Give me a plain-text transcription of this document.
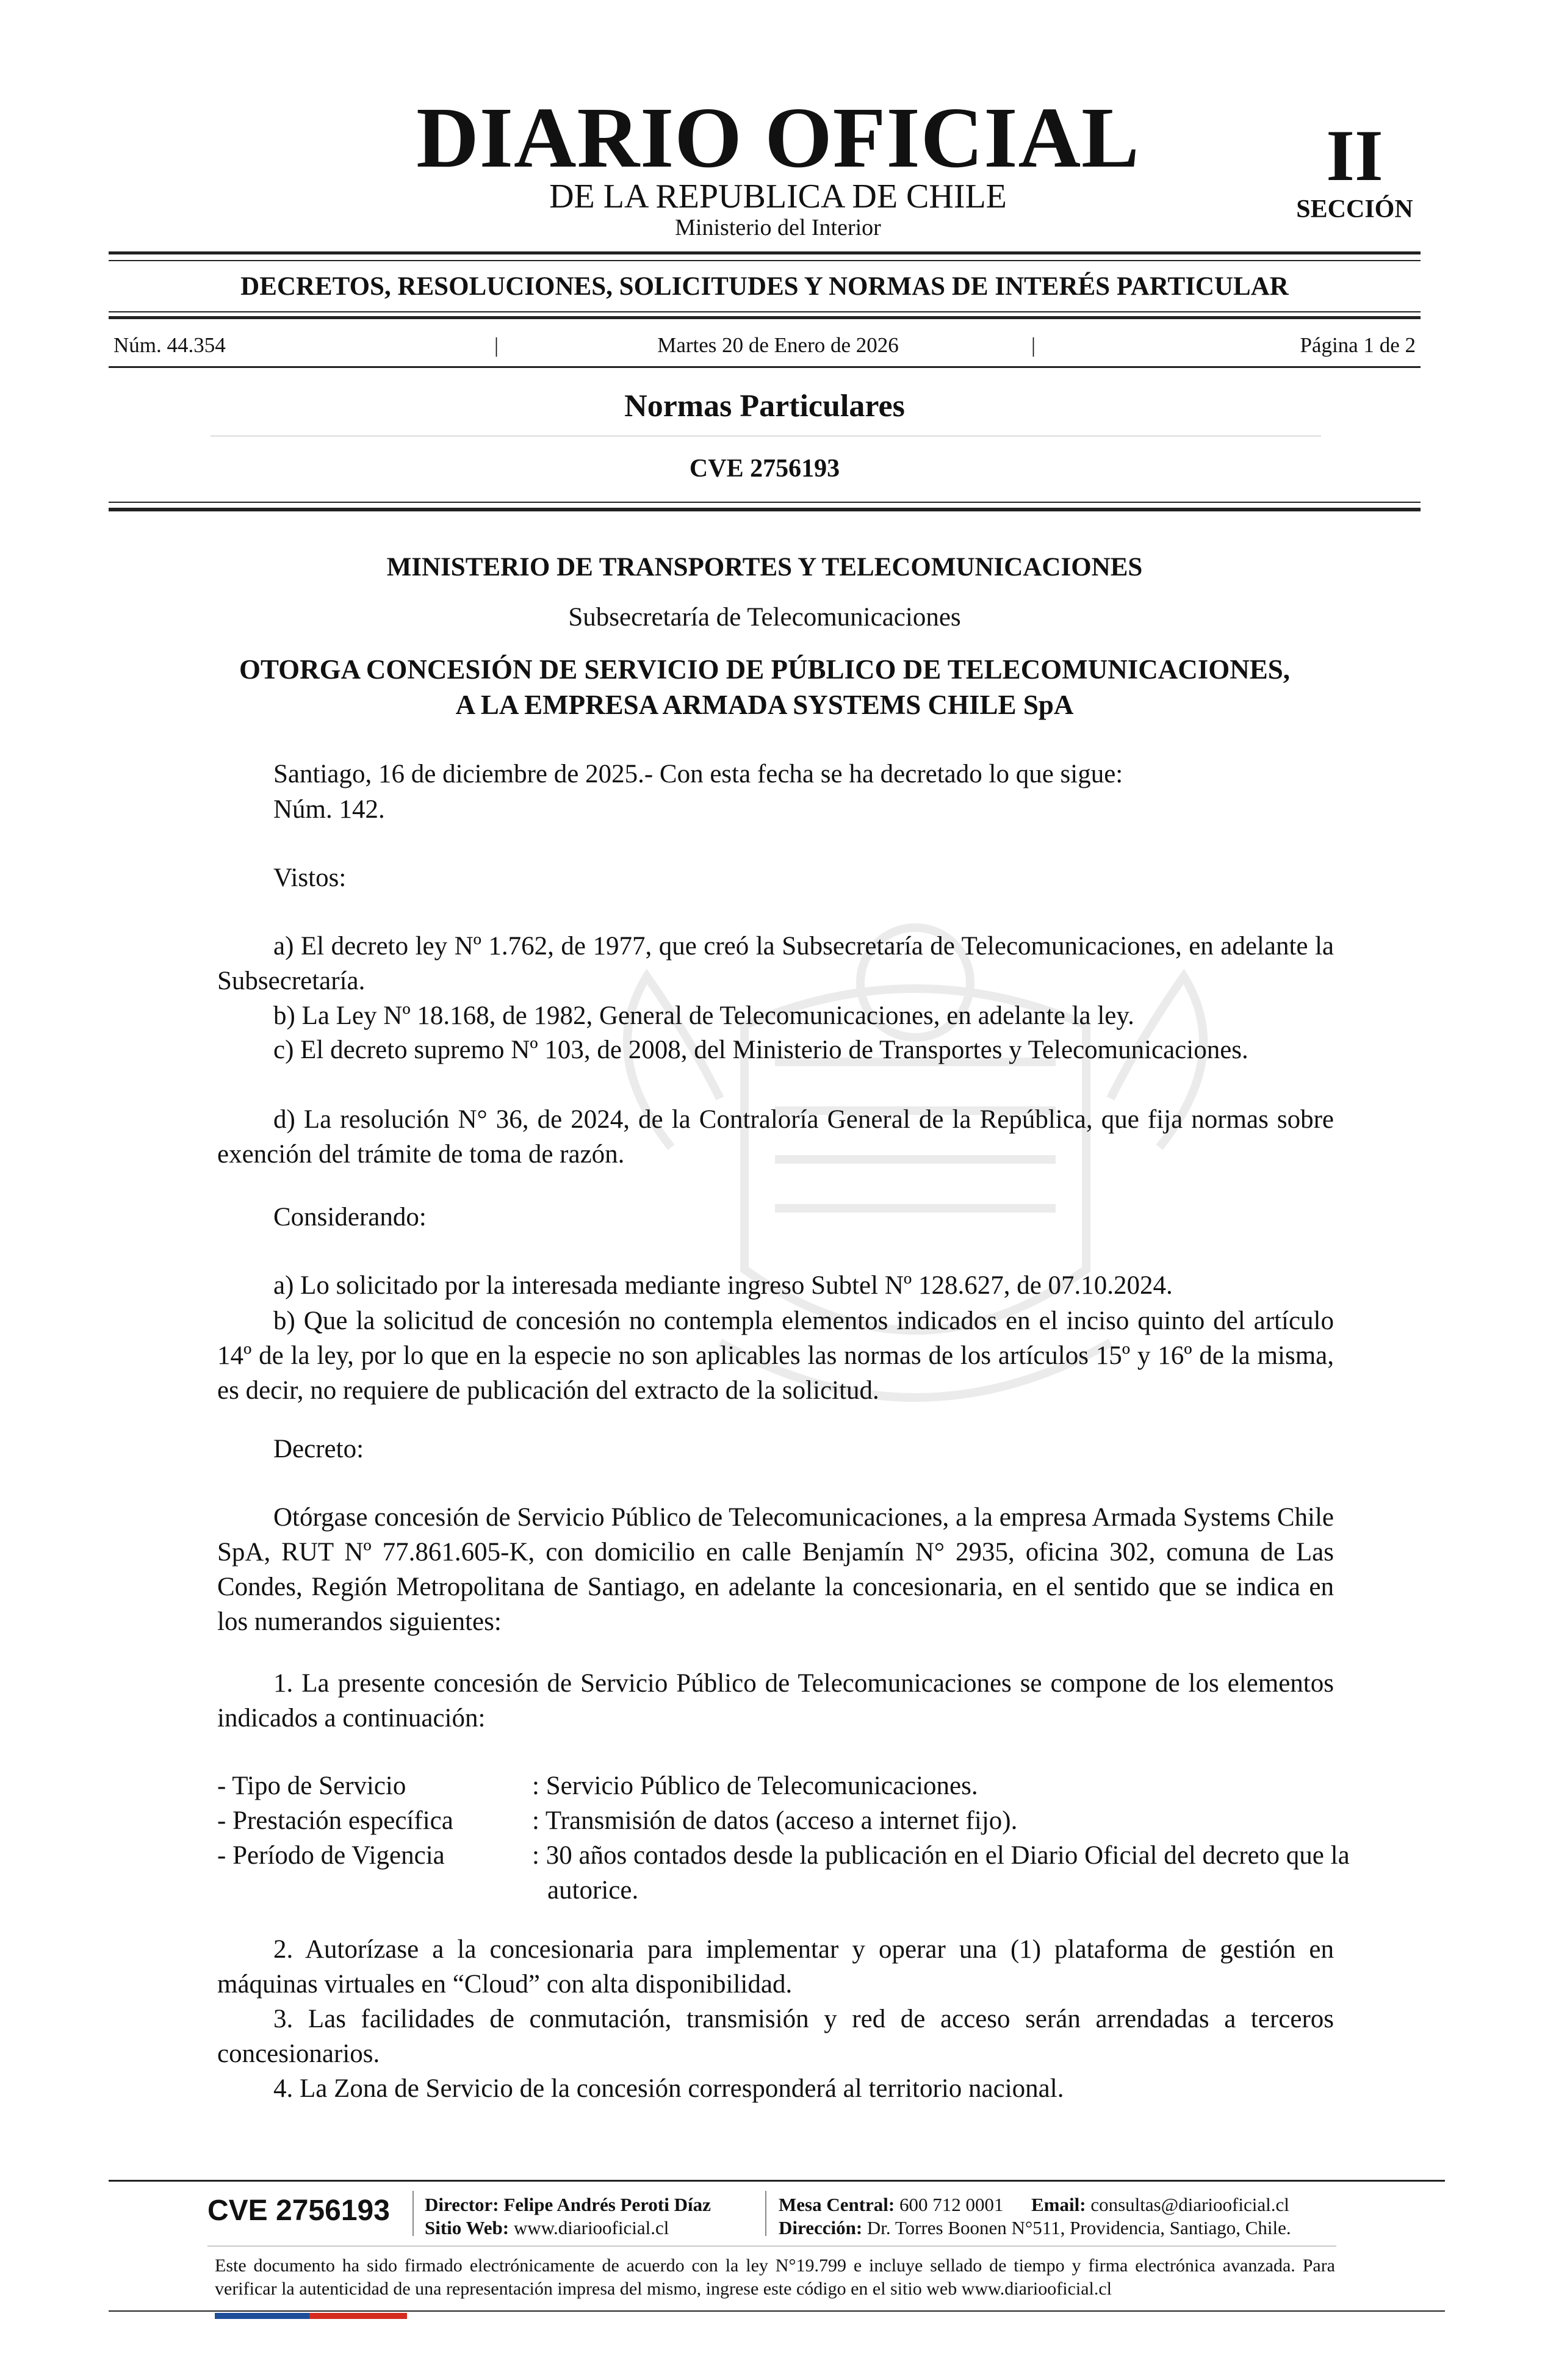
DIARIO OFICIAL
DE LA REPUBLICA DE CHILE
Ministerio del Interior
II
SECCIÓN
DECRETOS, RESOLUCIONES, SOLICITUDES Y NORMAS DE INTERÉS PARTICULAR
Núm. 44.354	|	Martes 20 de Enero de 2026	|	Página 1 de 2
Normas Particulares
CVE 2756193
MINISTERIO DE TRANSPORTES Y TELECOMUNICACIONES
Subsecretaría de Telecomunicaciones
OTORGA CONCESIÓN DE SERVICIO DE PÚBLICO DE TELECOMUNICACIONES,
A LA EMPRESA ARMADA SYSTEMS CHILE SpA
Santiago, 16 de diciembre de 2025.- Con esta fecha se ha decretado lo que sigue:
Núm. 142.
Vistos:
a) El decreto ley Nº 1.762, de 1977, que creó la Subsecretaría de Telecomunicaciones, en adelante la Subsecretaría.
b) La Ley Nº 18.168, de 1982, General de Telecomunicaciones, en adelante la ley.
c) El decreto supremo Nº 103, de 2008, del Ministerio de Transportes y Telecomunicaciones.
d) La resolución N° 36, de 2024, de la Contraloría General de la República, que fija normas sobre exención del trámite de toma de razón.
Considerando:
a) Lo solicitado por la interesada mediante ingreso Subtel Nº 128.627, de 07.10.2024.
b) Que la solicitud de concesión no contempla elementos indicados en el inciso quinto del artículo 14º de la ley, por lo que en la especie no son aplicables las normas de los artículos 15º y 16º de la misma, es decir, no requiere de publicación del extracto de la solicitud.
Decreto:
Otórgase concesión de Servicio Público de Telecomunicaciones, a la empresa Armada Systems Chile SpA, RUT Nº 77.861.605-K, con domicilio en calle Benjamín N° 2935, oficina 302, comuna de Las Condes, Región Metropolitana de Santiago, en adelante la concesionaria, en el sentido que se indica en los numerandos siguientes:
1. La presente concesión de Servicio Público de Telecomunicaciones se compone de los elementos indicados a continuación:
- Tipo de Servicio	: Servicio Público de Telecomunicaciones.
- Prestación específica	: Transmisión de datos (acceso a internet fijo).
- Período de Vigencia	: 30 años contados desde la publicación en el Diario Oficial del decreto que la autorice.
2. Autorízase a la concesionaria para implementar y operar una (1) plataforma de gestión en máquinas virtuales en “Cloud” con alta disponibilidad.
3. Las facilidades de conmutación, transmisión y red de acceso serán arrendadas a terceros concesionarios.
4. La Zona de Servicio de la concesión corresponderá al territorio nacional.
CVE 2756193 Director: Felipe Andrés Peroti Díaz
Sitio Web: www.diariooficial.cl
Mesa Central: 600 712 0001 Email: consultas@diariooficial.cl
Dirección: Dr. Torres Boonen N°511, Providencia, Santiago, Chile.
Este documento ha sido firmado electrónicamente de acuerdo con la ley N°19.799 e incluye sellado de tiempo y firma electrónica avanzada. Para verificar la autenticidad de una representación impresa del mismo, ingrese este código en el sitio web www.diariooficial.cl
